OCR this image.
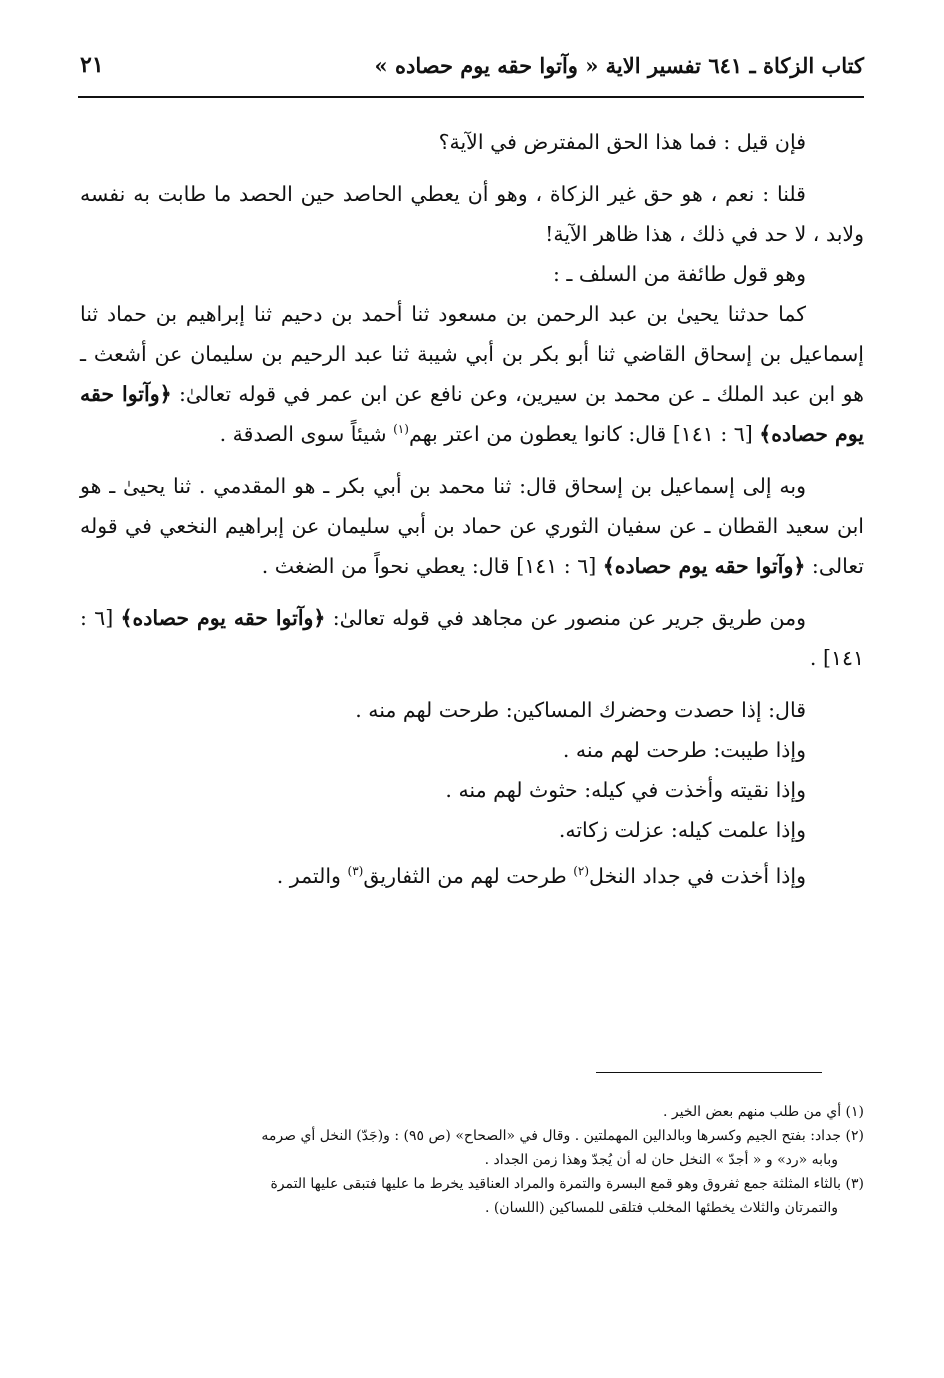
كتاب الزكاة ـ ٦٤١ تفسير الاية « وآتوا حقه يوم حصاده »
٢١

فإن قيل : فما هذا الحق المفترض في الآية؟

قلنا : نعم ، هو حق غير الزكاة ، وهو أن يعطي الحاصد حين الحصد ما طابت به نفسه ولابد ، لا حد في ذلك ، هذا ظاهر الآية!

وهو قول طائفة من السلف ـ :

كما حدثنا يحيىٰ بن عبد الرحمن بن مسعود ثنا أحمد بن دحيم ثنا إبراهيم بن حماد ثنا إسماعيل بن إسحاق القاضي ثنا أبو بكر بن أبي شيبة ثنا عبد الرحيم بن سليمان عن أشعث ـ هو ابن عبد الملك ـ عن محمد بن سيرين، وعن نافع عن ابن عمر في قوله تعالىٰ: ﴿وآتوا حقه يوم حصاده﴾ [٦ : ١٤١] قال: كانوا يعطون من اعتر بهم$^{(١)}$ شيئاً سوى الصدقة .

وبه إلى إسماعيل بن إسحاق قال: ثنا محمد بن أبي بكر ـ هو المقدمي . ثنا يحيىٰ ـ هو ابن سعيد القطان ـ عن سفيان الثوري عن حماد بن أبي سليمان عن إبراهيم النخعي في قوله تعالى: ﴿وآتوا حقه يوم حصاده﴾ [٦ : ١٤١] قال: يعطي نحواً من الضغث .

ومن طريق جرير عن منصور عن مجاهد في قوله تعالىٰ: ﴿وآتوا حقه يوم حصاده﴾ [٦ : ١٤١] .

قال: إذا حصدت وحضرك المساكين: طرحت لهم منه .
وإذا طيبت: طرحت لهم منه .
وإذا نقيته وأخذت في كيله: حثوث لهم منه .
وإذا علمت كيله: عزلت زكاته.
وإذا أخذت في جداد النخل$^{(٢)}$ طرحت لهم من الثفاريق$^{(٣)}$ والتمر .

(١) أي من طلب منهم بعض الخير .

(٢) جداد: بفتح الجيم وكسرها وبالدالين المهملتين . وقال في «الصحاح» (ص ٩٥) : و(جَدّ) النخل أي صرمه

وبابه «رد» و « أجدّ » النخل حان له أن يُجدّ وهذا زمن الجداد .

(٣) بالثاء المثلثة جمع ثفروق وهو قمع البسرة والتمرة والمراد العناقيد يخرط ما عليها فتبقى عليها التمرة

والتمرتان والثلاث يخطئها المخلب فتلقى للمساكين (اللسان) .
